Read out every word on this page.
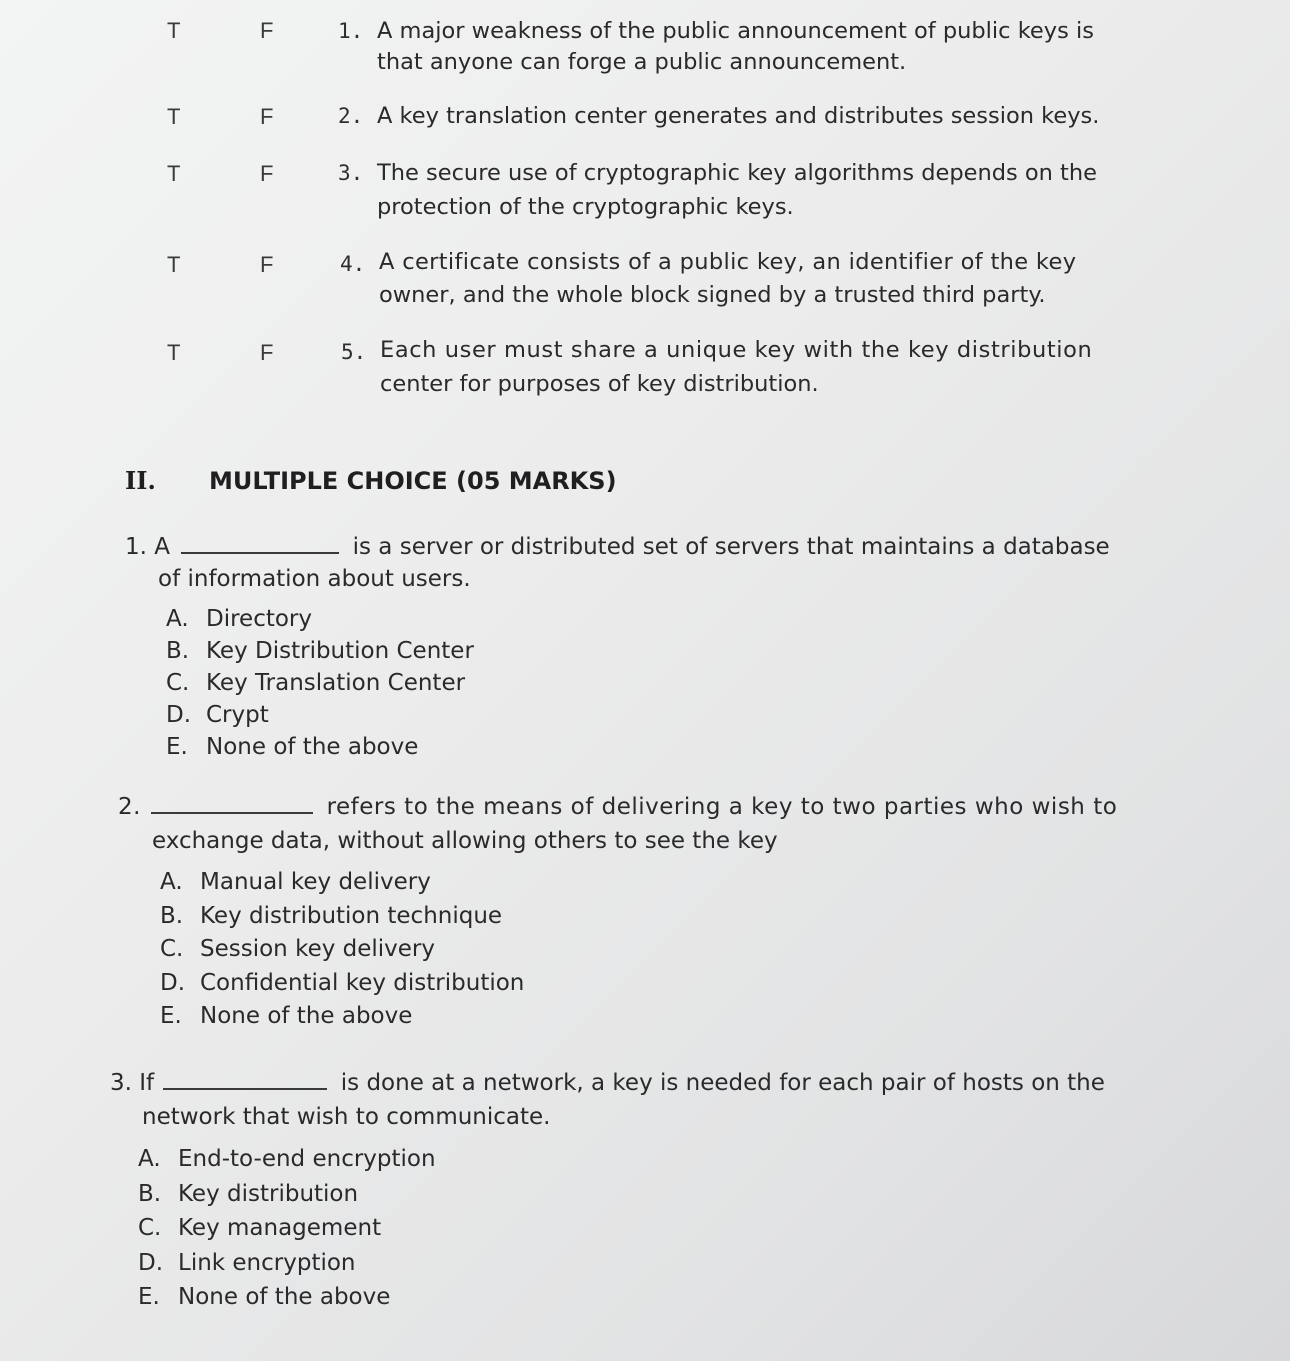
T	F	1. A major weakness of the public announcement of public keys is
that anyone can forge a public announcement.
T	F	2. A key translation center generates and distributes session keys.
T	F	3. The secure use of cryptographic key algorithms depends on the
protection of the cryptographic keys.
T	F	4. A certificate consists of a public key, an identifier of the key
owner, and the whole block signed by a trusted third party.
T	F	5. Each user must share a unique key with the key distribution
center for purposes of key distribution.
II. MULTIPLE CHOICE (05 MARKS)
1. A	is a server or distributed set of servers that maintains a database
of information about users.
A. Directory
B. Key Distribution Center
C. Key Translation Center
D. Crypt
E. None of the above
2.	refers to the means of delivering a key to two parties who wish to
exchange data, without allowing others to see the key
A. Manual key delivery
B. Key distribution technique
C. Session key delivery
D. Confidential key distribution
E. None of the above
3. If	is done at a network, a key is needed for each pair of hosts on the
network that wish to communicate.
A. End-to-end encryption
B. Key distribution
C. Key management
D. Link encryption
E. None of the above
